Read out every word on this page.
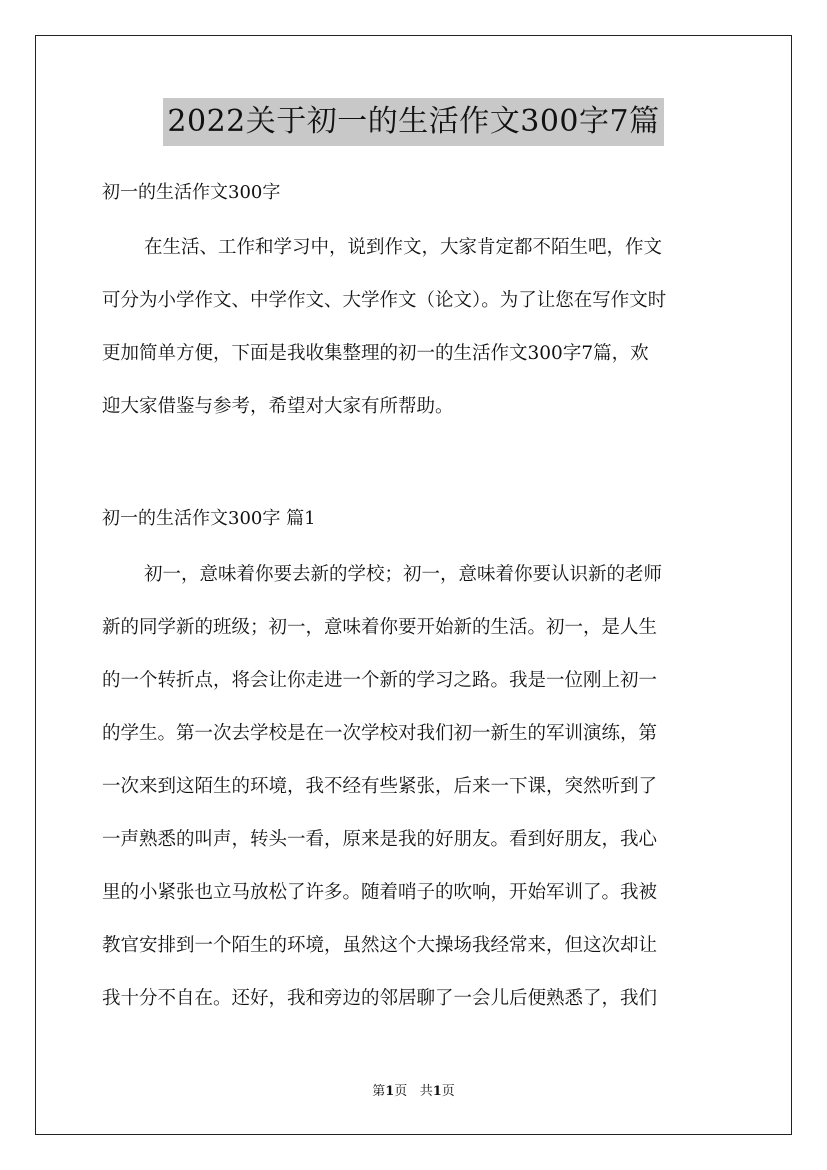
2022关于初一的生活作文300字7篇
初一的生活作文300字
在生活、工作和学习中，说到作文，大家肯定都不陌生吧，作文
可分为小学作文、中学作文、大学作文（论文）。为了让您在写作文时
更加简单方便，下面是我收集整理的初一的生活作文300字7篇，欢
迎大家借鉴与参考，希望对大家有所帮助。
初一的生活作文300字 篇1
初一，意味着你要去新的学校；初一，意味着你要认识新的老师
新的同学新的班级；初一，意味着你要开始新的生活。初一，是人生
的一个转折点，将会让你走进一个新的学习之路。我是一位刚上初一
的学生。第一次去学校是在一次学校对我们初一新生的军训演练，第
一次来到这陌生的环境，我不经有些紧张，后来一下课，突然听到了
一声熟悉的叫声，转头一看，原来是我的好朋友。看到好朋友，我心
里的小紧张也立马放松了许多。随着哨子的吹响，开始军训了。我被
教官安排到一个陌生的环境，虽然这个大操场我经常来，但这次却让
我十分不自在。还好，我和旁边的邻居聊了一会儿后便熟悉了，我们
第1页 共1页
